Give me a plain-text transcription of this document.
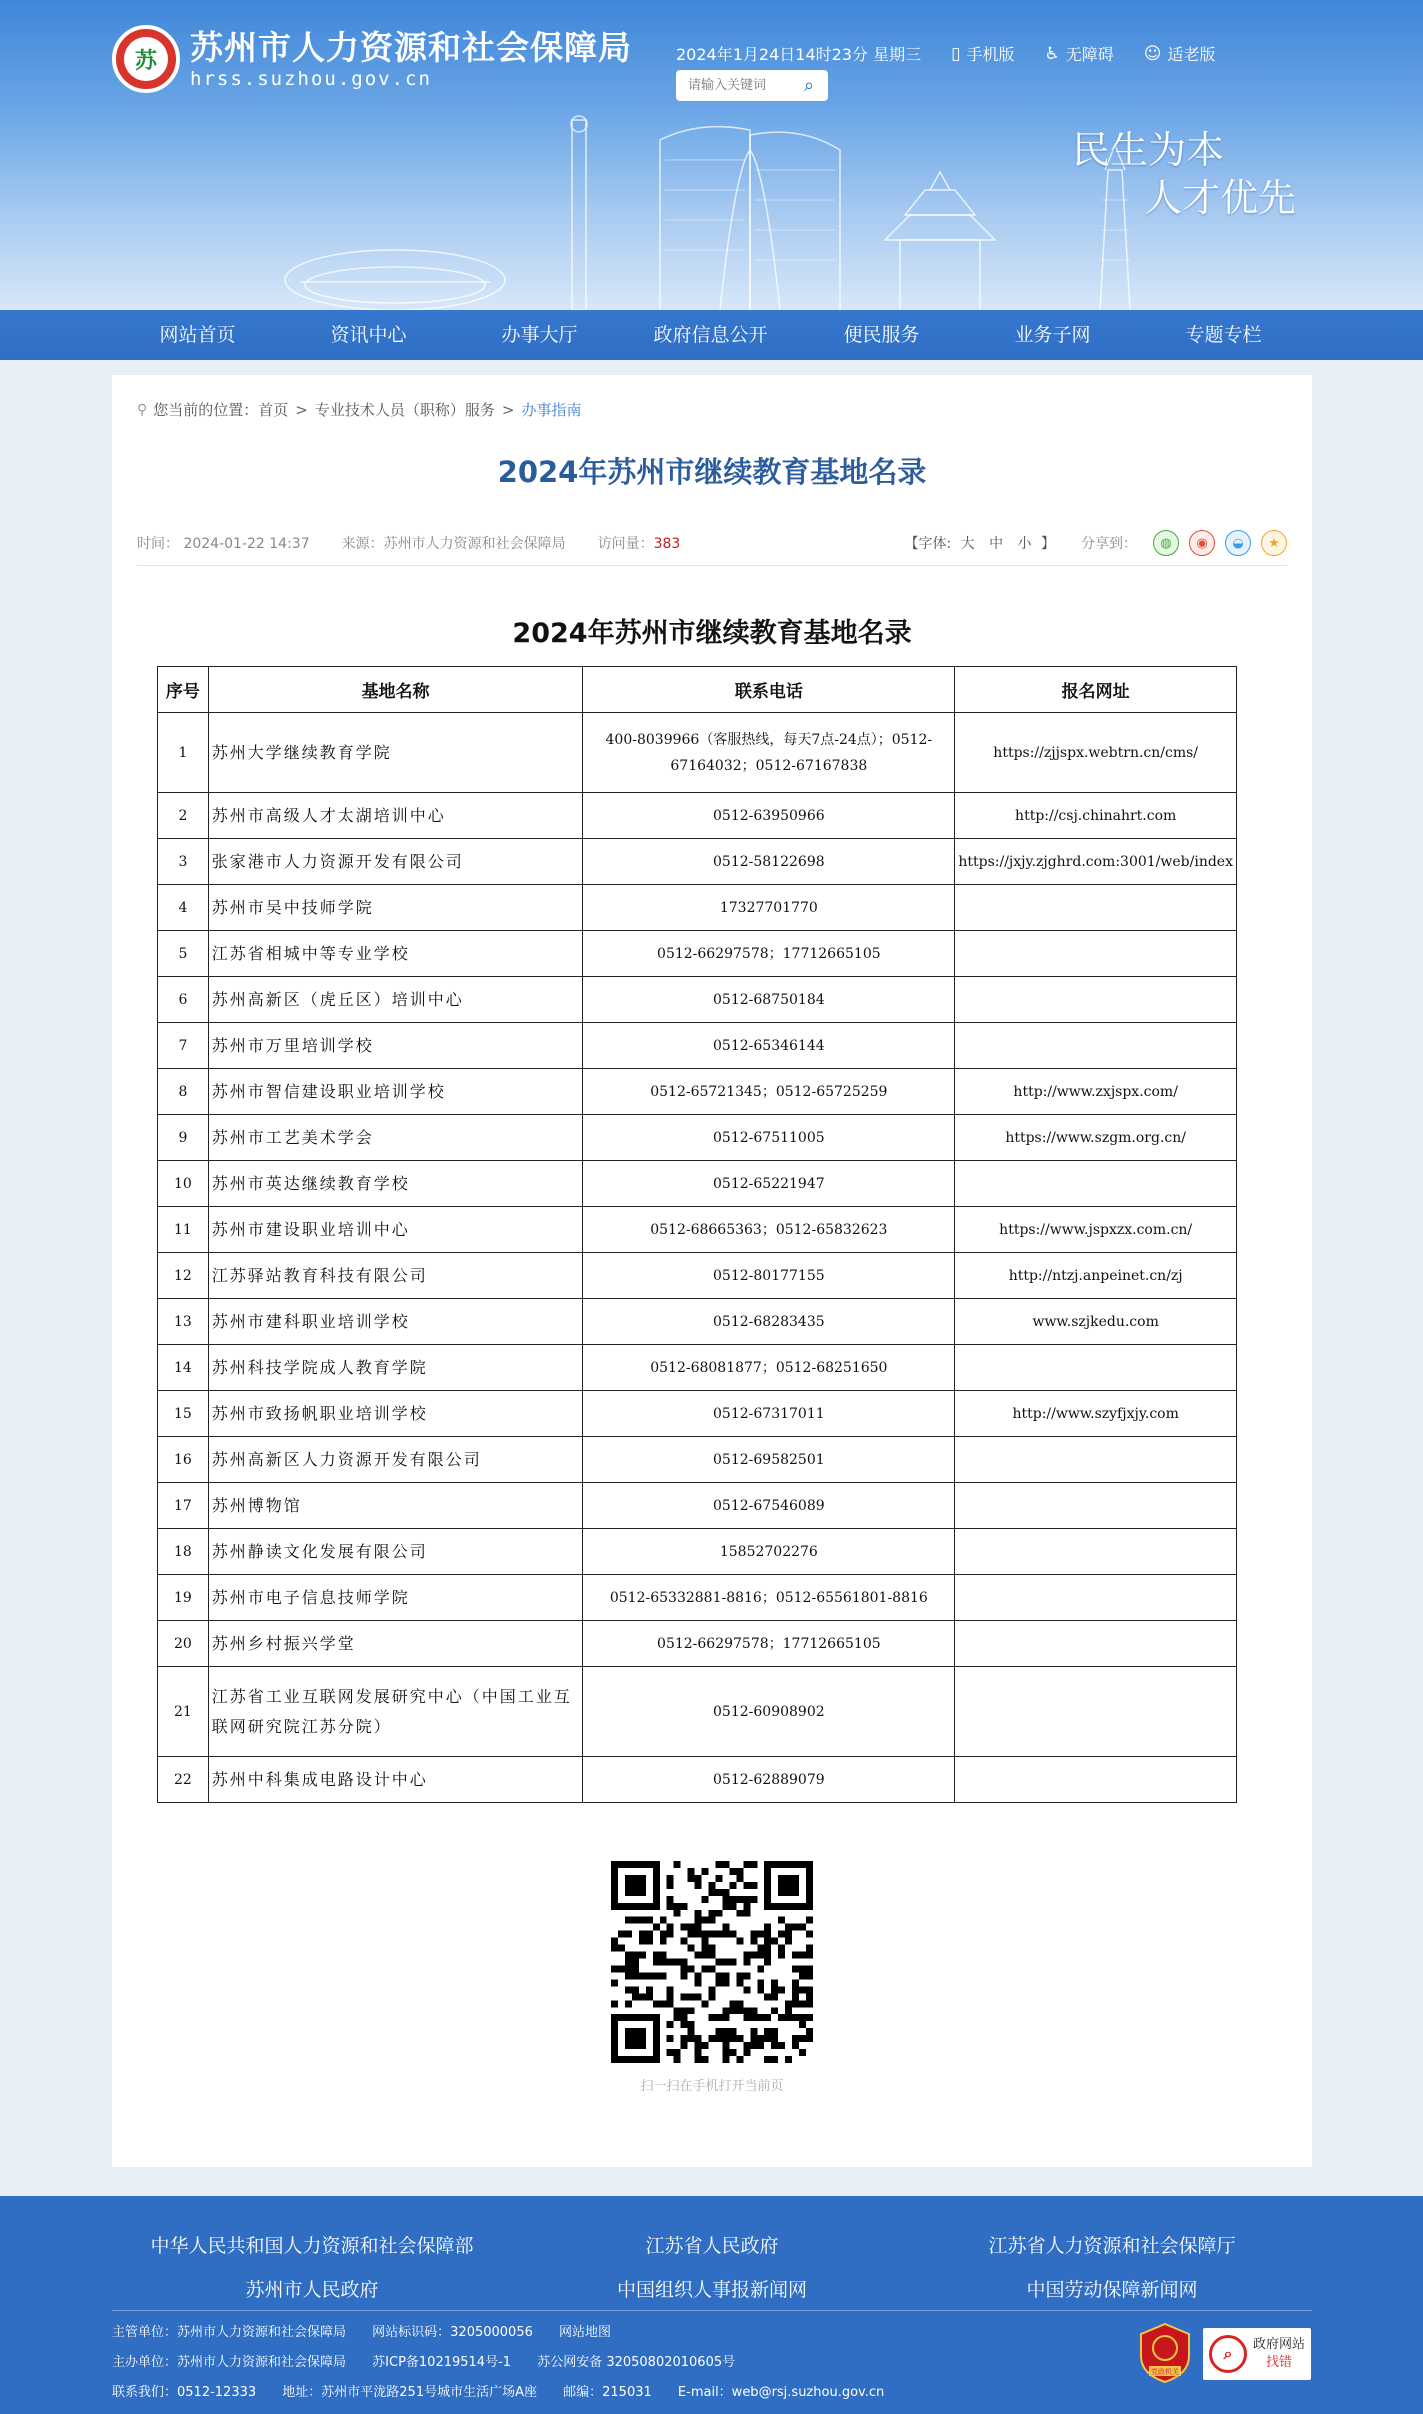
苏	苏州市人力资源和社会保障局
hrss.suzhou.gov.cn
2024年1月24日14时23分 星期三 ▯ 手机版 ♿ 无障碍 ☺ 适老版
请输入关键词
⌕
民生为本
人才优先
网站首页	资讯中心	办事大厅	政府信息公开	便民服务	业务子网	专题专栏
⚲ 您当前的位置： 首页 > 专业技术人员（职称）服务 > 办事指南
2024年苏州市继续教育基地名录
时间： 2024-01-22 14:37 来源：苏州市人力资源和社会保障局 访问量：383	【字体: 大 中 小 】 分享到：	◍	◉	◒	★
2024年苏州市继续教育基地名录
序号	基地名称	联系电话	报名网址
1	苏州大学继续教育学院	400-8039966（客服热线，每天7点-24点）；0512-67164032；0512-67167838	https://zjjspx.webtrn.cn/cms/
2	苏州市高级人才太湖培训中心	0512-63950966	http://csj.chinahrt.com
3	张家港市人力资源开发有限公司	0512-58122698	https://jxjy.zjghrd.com:3001/web/index
4	苏州市吴中技师学院	17327701770	
5	江苏省相城中等专业学校	0512-66297578；17712665105	
6	苏州高新区（虎丘区）培训中心	0512-68750184	
7	苏州市万里培训学校	0512-65346144	
8	苏州市智信建设职业培训学校	0512-65721345；0512-65725259	http://www.zxjspx.com/
9	苏州市工艺美术学会	0512-67511005	https://www.szgm.org.cn/
10	苏州市英达继续教育学校	0512-65221947	
11	苏州市建设职业培训中心	0512-68665363；0512-65832623	https://www.jspxzx.com.cn/
12	江苏驿站教育科技有限公司	0512-80177155	http://ntzj.anpeinet.cn/zj
13	苏州市建科职业培训学校	0512-68283435	www.szjkedu.com
14	苏州科技学院成人教育学院	0512-68081877；0512-68251650	
15	苏州市致扬帆职业培训学校	0512-67317011	http://www.szyfjxjy.com
16	苏州高新区人力资源开发有限公司	0512-69582501	
17	苏州博物馆	0512-67546089	
18	苏州静读文化发展有限公司	15852702276	
19	苏州市电子信息技师学院	0512-65332881-8816；0512-65561801-8816	
20	苏州乡村振兴学堂	0512-66297578；17712665105	
21	江苏省工业互联网发展研究中心（中国工业互联网研究院江苏分院）	0512-60908902	
22	苏州中科集成电路设计中心	0512-62889079	
扫一扫在手机打开当前页
中华人民共和国人力资源和社会保障部	江苏省人民政府	江苏省人力资源和社会保障厅
苏州市人民政府	中国组织人事报新闻网	中国劳动保障新闻网
主管单位：苏州市人力资源和社会保障局 网站标识码：3205000056 网站地图
主办单位：苏州市人力资源和社会保障局 苏ICP备10219514号-1 苏公网安备 32050802010605号
联系我们：0512-12333 地址：苏州市平泷路251号城市生活广场A座 邮编：215031 E-mail：web@rsj.suzhou.gov.cn
党政机关
⌕	政府网站
找错
